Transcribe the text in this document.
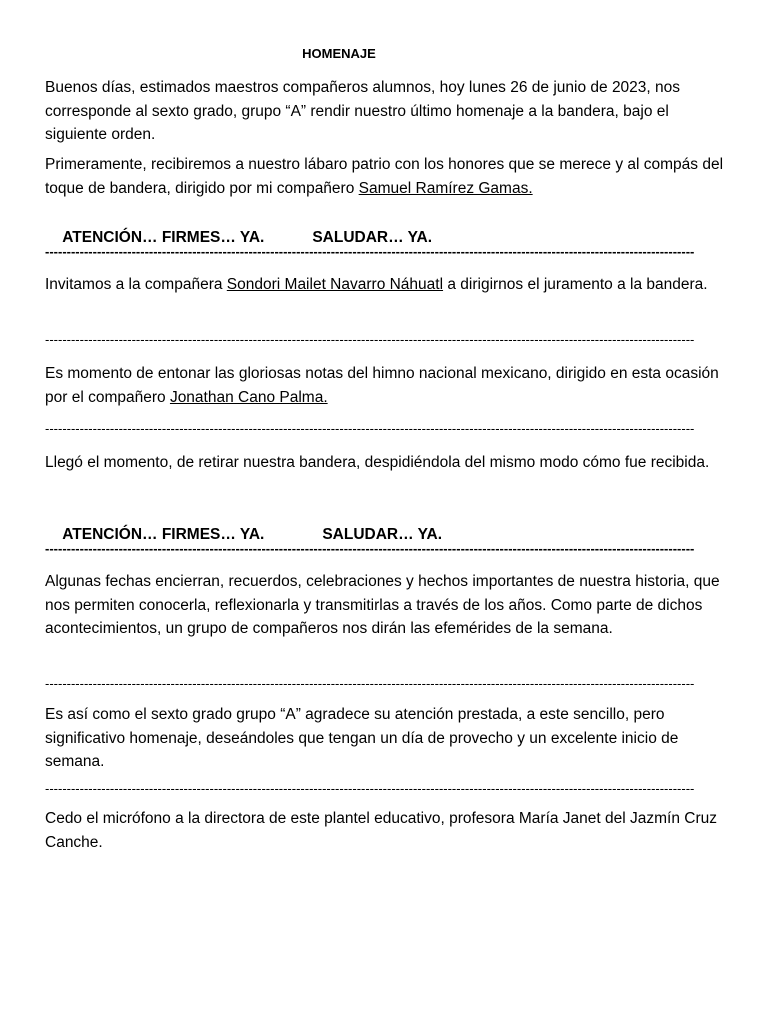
HOMENAJE
Buenos días, estimados maestros compañeros alumnos, hoy lunes 26 de junio de 2023, nos corresponde al sexto grado, grupo “A” rendir nuestro último homenaje a la bandera, bajo el siguiente orden.
Primeramente, recibiremos a nuestro lábaro patrio con los honores que se merece y al compás del toque de bandera, dirigido por mi compañero Samuel Ramírez Gamas.

ATENCIÓN… FIRMES… YA.	SALUDAR… YA.

------------------------------------------------------------------------------------------------------------------------------------------------------
Invitamos a la compañera Sondori Mailet Navarro Náhuatl a dirigirnos el juramento a la bandera.
------------------------------------------------------------------------------------------------------------------------------------------------------
Es momento de entonar las gloriosas notas del himno nacional mexicano, dirigido en esta ocasión por el compañero Jonathan Cano Palma.
------------------------------------------------------------------------------------------------------------------------------------------------------
Llegó el momento, de retirar nuestra bandera, despidiéndola del mismo modo cómo fue recibida.

ATENCIÓN… FIRMES… YA.	SALUDAR… YA.

------------------------------------------------------------------------------------------------------------------------------------------------------
Algunas fechas encierran, recuerdos, celebraciones y hechos importantes de nuestra historia, que nos permiten conocerla, reflexionarla y transmitirlas a través de los años. Como parte de dichos acontecimientos, un grupo de compañeros nos dirán las efemérides de la semana.
------------------------------------------------------------------------------------------------------------------------------------------------------
Es así como el sexto grado grupo “A” agradece su atención prestada, a este sencillo, pero significativo homenaje, deseándoles que tengan un día de provecho y un excelente inicio de semana.
------------------------------------------------------------------------------------------------------------------------------------------------------
Cedo el micrófono a la directora de este plantel educativo, profesora María Janet del Jazmín Cruz Canche.
